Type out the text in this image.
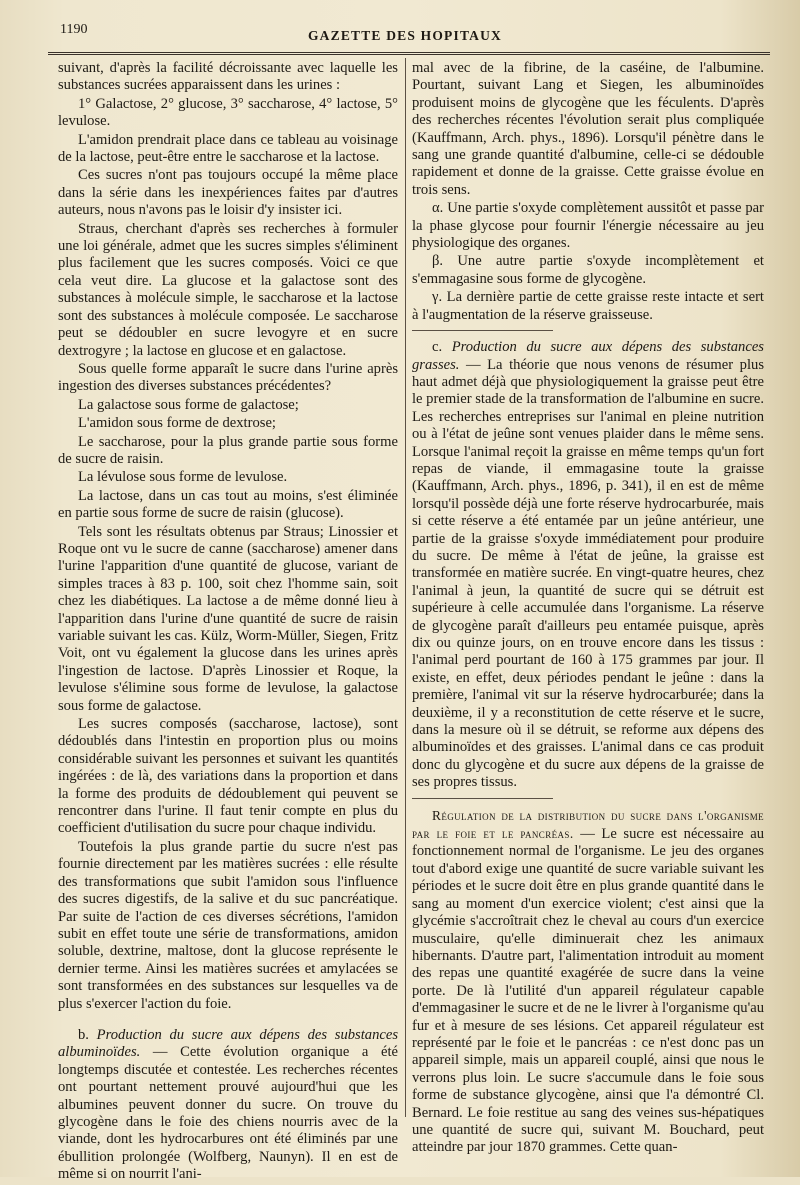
1190	GAZETTE DES HOPITAUX

suivant, d'après la facilité décroissante avec laquelle les substances sucrées apparaissent dans les urines :

1° Galactose, 2° glucose, 3° saccharose, 4° lactose, 5° levulose.

L'amidon prendrait place dans ce tableau au voisinage de la lactose, peut-être entre le saccharose et la lactose.

Ces sucres n'ont pas toujours occupé la même place dans la série dans les inexpériences faites par d'autres auteurs, nous n'avons pas le loisir d'y insister ici.

Straus, cherchant d'après ses recherches à formuler une loi générale, admet que les sucres simples s'éliminent plus facilement que les sucres composés. Voici ce que cela veut dire. La glucose et la galactose sont des substances à molécule simple, le saccharose et la lactose sont des substances à molécule composée. Le saccharose peut se dédoubler en sucre levogyre et en sucre dextrogyre ; la lactose en glucose et en galactose.

Sous quelle forme apparaît le sucre dans l'urine après ingestion des diverses substances précédentes?

La galactose sous forme de galactose;

L'amidon sous forme de dextrose;

Le saccharose, pour la plus grande partie sous forme de sucre de raisin.

La lévulose sous forme de levulose.

La lactose, dans un cas tout au moins, s'est éliminée en partie sous forme de sucre de raisin (glucose).

Tels sont les résultats obtenus par Straus; Linossier et Roque ont vu le sucre de canne (saccharose) amener dans l'urine l'apparition d'une quantité de glucose, variant de simples traces à 83 p. 100, soit chez l'homme sain, soit chez les diabétiques. La lactose a de même donné lieu à l'apparition dans l'urine d'une quantité de sucre de raisin variable suivant les cas. Külz, Worm-Müller, Siegen, Fritz Voit, ont vu également la glucose dans les urines après l'ingestion de lactose. D'après Linossier et Roque, la levulose s'élimine sous forme de levulose, la galactose sous forme de galactose.

Les sucres composés (saccharose, lactose), sont dédoublés dans l'intestin en proportion plus ou moins considérable suivant les personnes et suivant les quantités ingérées : de là, des variations dans la proportion et dans la forme des produits de dédoublement qui peuvent se rencontrer dans l'urine. Il faut tenir compte en plus du coefficient d'utilisation du sucre pour chaque individu.

Toutefois la plus grande partie du sucre n'est pas fournie directement par les matières sucrées : elle résulte des transformations que subit l'amidon sous l'influence des sucres digestifs, de la salive et du suc pancréatique. Par suite de l'action de ces diverses sécrétions, l'amidon subit en effet toute une série de transformations, amidon soluble, dextrine, maltose, dont la glucose représente le dernier terme. Ainsi les matières sucrées et amylacées se sont transformées en des substances sur lesquelles va de plus s'exercer l'action du foie.

b. Production du sucre aux dépens des substances albuminoïdes. — Cette évolution organique a été longtemps discutée et contestée. Les recherches récentes ont pourtant nettement prouvé aujourd'hui que les albumines peuvent donner du sucre. On trouve du glycogène dans le foie des chiens nourris avec de la viande, dont les hydrocarbures ont été éliminés par une ébullition prolongée (Wolfberg, Naunyn). Il en est de même si on nourrit l'ani-

mal avec de la fibrine, de la caséine, de l'albumine. Pourtant, suivant Lang et Siegen, les albuminoïdes produisent moins de glycogène que les féculents. D'après des recherches récentes l'évolution serait plus compliquée (Kauffmann, Arch. phys., 1896). Lorsqu'il pénètre dans le sang une grande quantité d'albumine, celle-ci se dédouble rapidement et donne de la graisse. Cette graisse évolue en trois sens.

α. Une partie s'oxyde complètement aussitôt et passe par la phase glycose pour fournir l'énergie nécessaire au jeu physiologique des organes.

β. Une autre partie s'oxyde incomplètement et s'emmagasine sous forme de glycogène.

γ. La dernière partie de cette graisse reste intacte et sert à l'augmentation de la réserve graisseuse.

c. Production du sucre aux dépens des substances grasses. — La théorie que nous venons de résumer plus haut admet déjà que physiologiquement la graisse peut être le premier stade de la transformation de l'albumine en sucre. Les recherches entreprises sur l'animal en pleine nutrition ou à l'état de jeûne sont venues plaider dans le même sens. Lorsque l'animal reçoit la graisse en même temps qu'un fort repas de viande, il emmagasine toute la graisse (Kauffmann, Arch. phys., 1896, p. 341), il en est de même lorsqu'il possède déjà une forte réserve hydrocarburée, mais si cette réserve a été entamée par un jeûne antérieur, une partie de la graisse s'oxyde immédiatement pour produire du sucre. De même à l'état de jeûne, la graisse est transformée en matière sucrée. En vingt-quatre heures, chez l'animal à jeun, la quantité de sucre qui se détruit est supérieure à celle accumulée dans l'organisme. La réserve de glycogène paraît d'ailleurs peu entamée puisque, après dix ou quinze jours, on en trouve encore dans les tissus : l'animal perd pourtant de 160 à 175 grammes par jour. Il existe, en effet, deux périodes pendant le jeûne : dans la première, l'animal vit sur la réserve hydrocarburée; dans la deuxième, il y a reconstitution de cette réserve et le sucre, dans la mesure où il se détruit, se reforme aux dépens des albuminoïdes et des graisses. L'animal dans ce cas produit donc du glycogène et du sucre aux dépens de la graisse de ses propres tissus.

Régulation de la distribution du sucre dans l'organisme par le foie et le pancréas. — Le sucre est nécessaire au fonctionnement normal de l'organisme. Le jeu des organes tout d'abord exige une quantité de sucre variable suivant les périodes et le sucre doit être en plus grande quantité dans le sang au moment d'un exercice violent; c'est ainsi que la glycémie s'accroîtrait chez le cheval au cours d'un exercice musculaire, qu'elle diminuerait chez les animaux hibernants. D'autre part, l'alimentation introduit au moment des repas une quantité exagérée de sucre dans la veine porte. De là l'utilité d'un appareil régulateur capable d'emmagasiner le sucre et de ne le livrer à l'organisme qu'au fur et à mesure de ses lésions. Cet appareil régulateur est représenté par le foie et le pancréas : ce n'est donc pas un appareil simple, mais un appareil couplé, ainsi que nous le verrons plus loin. Le sucre s'accumule dans le foie sous forme de substance glycogène, ainsi que l'a démontré Cl. Bernard. Le foie restitue au sang des veines sus-hépatiques une quantité de sucre qui, suivant M. Bouchard, peut atteindre par jour 1870 grammes. Cette quan-
